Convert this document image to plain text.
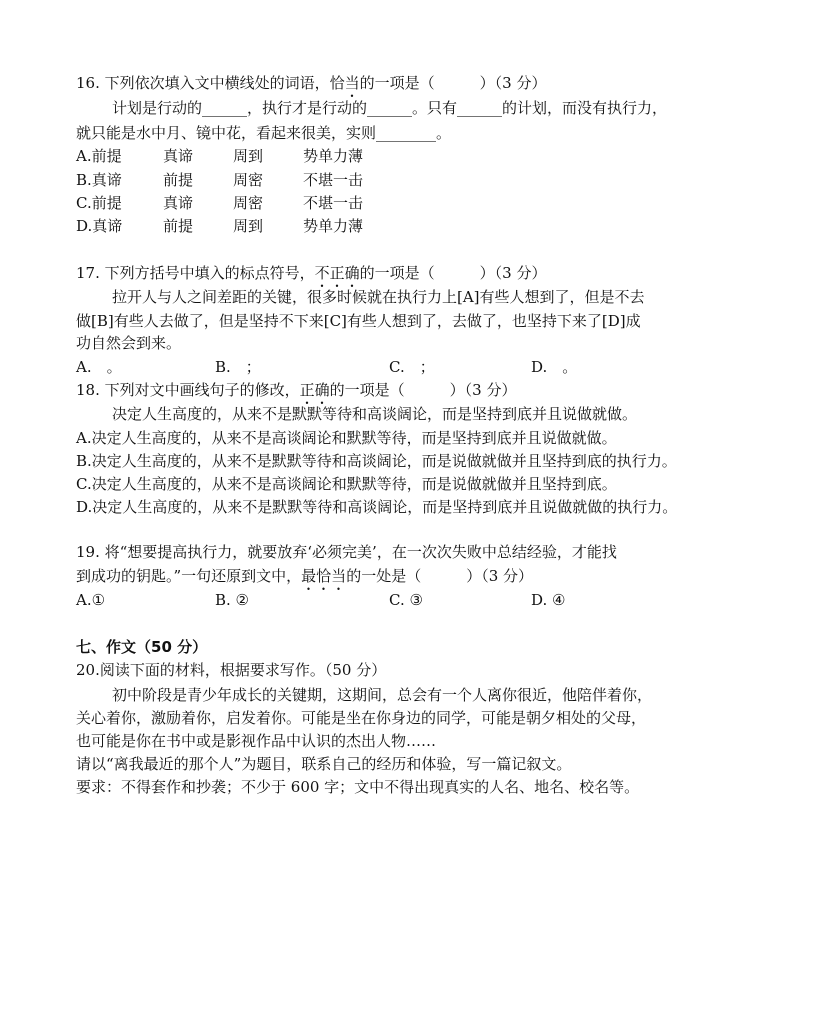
16. 下列依次填入文中横线处的词语，恰当的一项是（　　　）（3 分）
计划是行动的______，执行才是行动的______。只有______的计划，而没有执行力，
就只能是水中月、镜中花，看起来很美，实则________。
A.前提	真谛	周到	势单力薄
B.真谛	前提	周密	不堪一击
C.前提	真谛	周密	不堪一击
D.真谛	前提	周到	势单力薄
17. 下列方括号中填入的标点符号，不正确的一项是（　　　）（3 分）
拉开人与人之间差距的关键，很多时候就在执行力上[A]有些人想到了，但是不去
做[B]有些人去做了，但是坚持不下来[C]有些人想到了，去做了，也坚持下来了[D]成
功自然会到来。
A.　。	B.　；	C.　；	D.　。
18. 下列对文中画线句子的修改，正确的一项是（　　　）（3 分）
决定人生高度的，从来不是默默等待和高谈阔论，而是坚持到底并且说做就做。
A.决定人生高度的，从来不是高谈阔论和默默等待，而是坚持到底并且说做就做。
B.决定人生高度的，从来不是默默等待和高谈阔论，而是说做就做并且坚持到底的执行力。
C.决定人生高度的，从来不是高谈阔论和默默等待，而是说做就做并且坚持到底。
D.决定人生高度的，从来不是默默等待和高谈阔论，而是坚持到底并且说做就做的执行力。
19. 将“想要提高执行力，就要放弃‘必须完美’，在一次次失败中总结经验，才能找
到成功的钥匙。”一句还原到文中，最恰当的一处是（　　　）（3 分）
A.①	B. ②	C. ③	D. ④
七、作文（50 分）
20.阅读下面的材料，根据要求写作。（50 分）
初中阶段是青少年成长的关键期，这期间，总会有一个人离你很近，他陪伴着你，
关心着你，激励着你，启发着你。可能是坐在你身边的同学，可能是朝夕相处的父母，
也可能是你在书中或是影视作品中认识的杰出人物……
请以“离我最近的那个人”为题目，联系自己的经历和体验，写一篇记叙文。
要求：不得套作和抄袭；不少于 600 字；文中不得出现真实的人名、地名、校名等。
